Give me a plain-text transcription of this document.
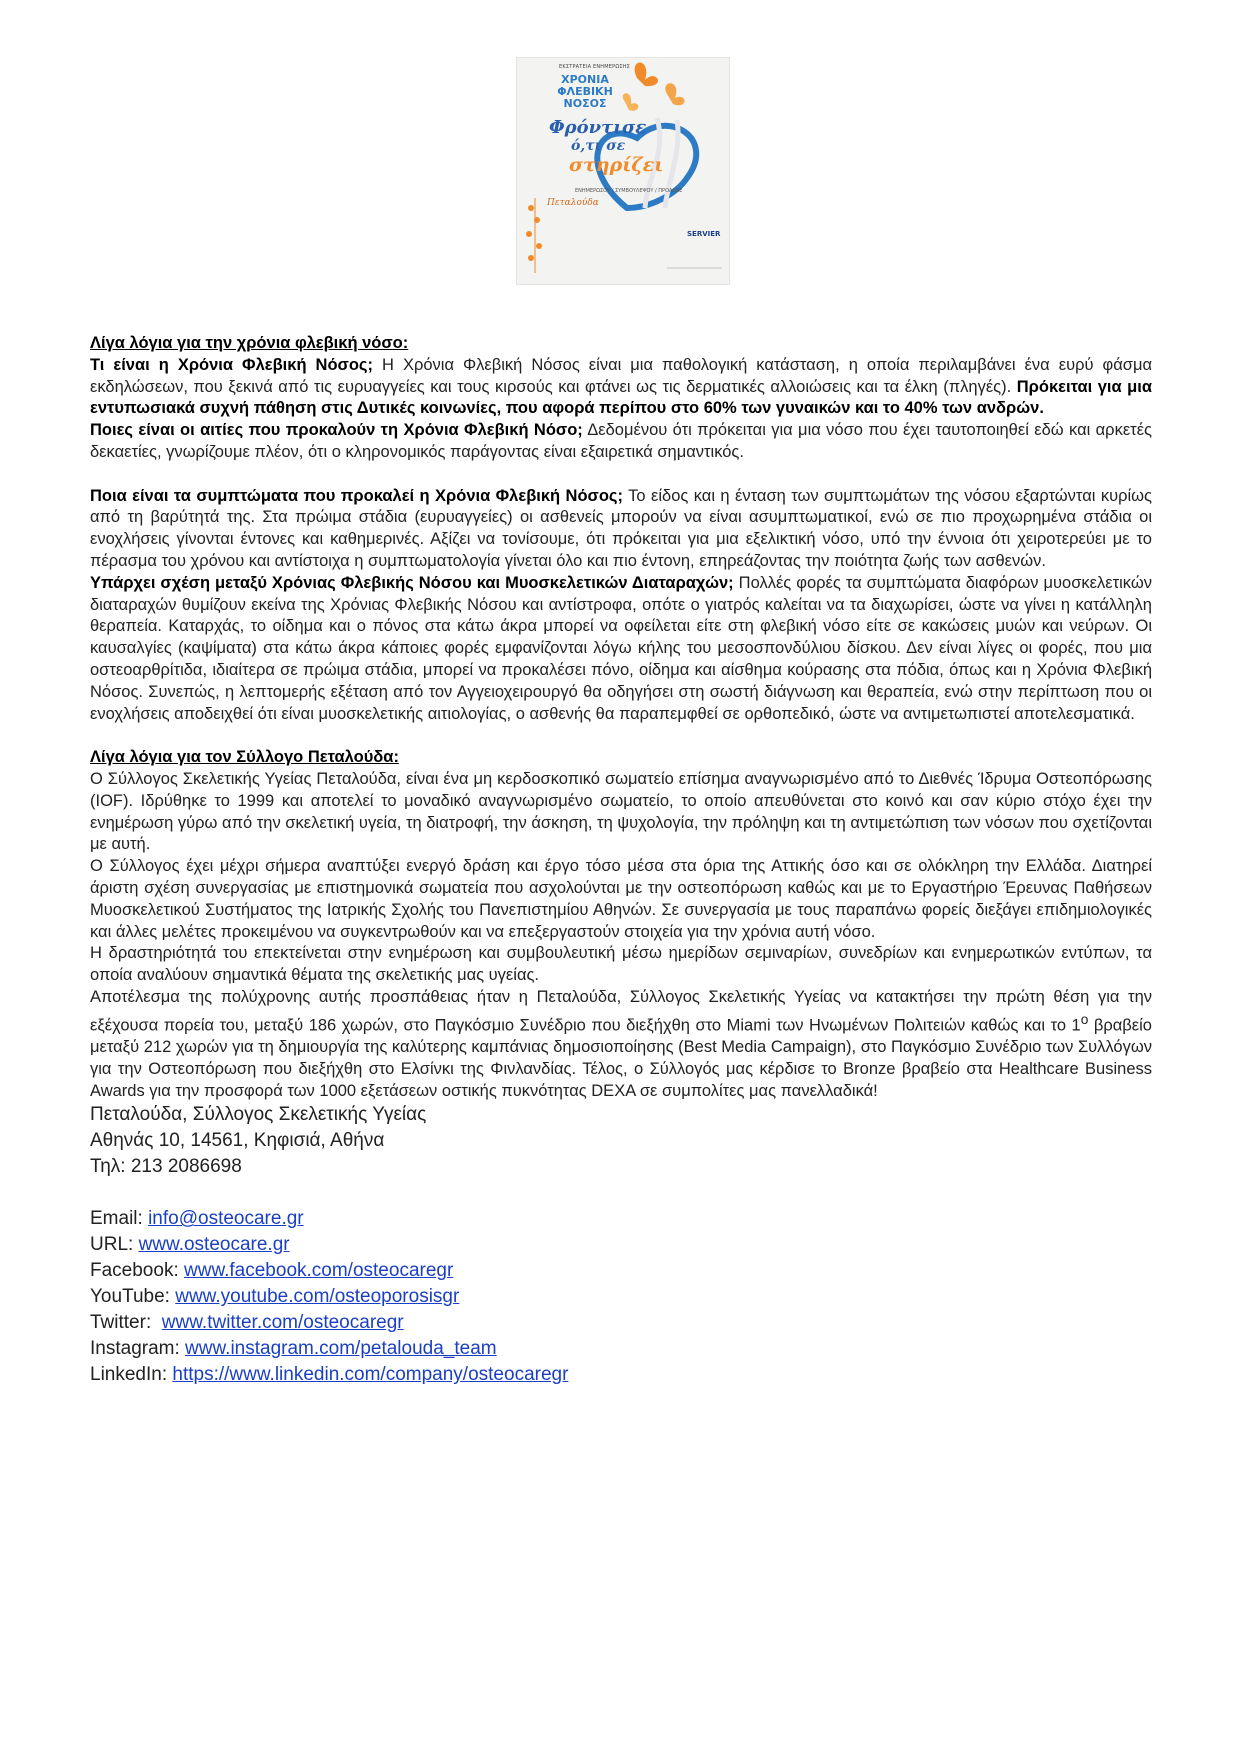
ΕΚΣΤΡΑΤΕΙΑ ΕΝΗΜΕΡΩΣΗΣ
ΧΡΟΝΙΑ ΦΛΕΒΙΚΗ ΝΟΣΟΣ
Φρόντισε
ό,τι σε
στηρίζει
ΕΝΗΜΕΡΩΣΟΥ / ΣΥΜΒΟΥΛΕΨΟΥ / ΠΡΟΛΑΒΕ
Πεταλούδα
SERVIER

Λίγα λόγια για την χρόνια φλεβική νόσο:

Τι είναι η Χρόνια Φλεβική Νόσος; Η Χρόνια Φλεβική Νόσος είναι μια παθολογική κατάσταση, η οποία περιλαμβάνει ένα ευρύ φάσμα εκδηλώσεων, που ξεκινά από τις ευρυαγγείες και τους κιρσούς και φτάνει ως τις δερματικές αλλοιώσεις και τα έλκη (πληγές). Πρόκειται για μια εντυπωσιακά συχνή πάθηση στις Δυτικές κοινωνίες, που αφορά περίπου στο 60% των γυναικών και το 40% των ανδρών.

Ποιες είναι οι αιτίες που προκαλούν τη Χρόνια Φλεβική Νόσο; Δεδομένου ότι πρόκειται για μια νόσο που έχει ταυτοποιηθεί εδώ και αρκετές δεκαετίες, γνωρίζουμε πλέον, ότι ο κληρονομικός παράγοντας είναι εξαιρετικά σημαντικός.

Ποια είναι τα συμπτώματα που προκαλεί η Χρόνια Φλεβική Νόσος; Το είδος και η ένταση των συμπτωμάτων της νόσου εξαρτώνται κυρίως από τη βαρύτητά της. Στα πρώιμα στάδια (ευρυαγγείες) οι ασθενείς μπορούν να είναι ασυμπτωματικοί, ενώ σε πιο προχωρημένα στάδια οι ενοχλήσεις γίνονται έντονες και καθημερινές. Αξίζει να τονίσουμε, ότι πρόκειται για μια εξελικτική νόσο, υπό την έννοια ότι χειροτερεύει με το πέρασμα του χρόνου και αντίστοιχα η συμπτωματολογία γίνεται όλο και πιο έντονη, επηρεάζοντας την ποιότητα ζωής των ασθενών.

Υπάρχει σχέση μεταξύ Χρόνιας Φλεβικής Νόσου και Μυοσκελετικών Διαταραχών; Πολλές φορές τα συμπτώματα διαφόρων μυοσκελετικών διαταραχών θυμίζουν εκείνα της Χρόνιας Φλεβικής Νόσου και αντίστροφα, οπότε ο γιατρός καλείται να τα διαχωρίσει, ώστε να γίνει η κατάλληλη θεραπεία. Καταρχάς, το οίδημα και ο πόνος στα κάτω άκρα μπορεί να οφείλεται είτε στη φλεβική νόσο είτε σε κακώσεις μυών και νεύρων. Οι καυσαλγίες (καψίματα) στα κάτω άκρα κάποιες φορές εμφανίζονται λόγω κήλης του μεσοσπονδύλιου δίσκου. Δεν είναι λίγες οι φορές, που μια οστεοαρθρίτιδα, ιδιαίτερα σε πρώιμα στάδια, μπορεί να προκαλέσει πόνο, οίδημα και αίσθημα κούρασης στα πόδια, όπως και η Χρόνια Φλεβική Νόσος. Συνεπώς, η λεπτομερής εξέταση από τον Αγγειοχειρουργό θα οδηγήσει στη σωστή διάγνωση και θεραπεία, ενώ στην περίπτωση που οι ενοχλήσεις αποδειχθεί ότι είναι μυοσκελετικής αιτιολογίας, ο ασθενής θα παραπεμφθεί σε ορθοπεδικό, ώστε να αντιμετωπιστεί αποτελεσματικά.

Λίγα λόγια για τον Σύλλογο Πεταλούδα:

Ο Σύλλογος Σκελετικής Υγείας Πεταλούδα, είναι ένα μη κερδοσκοπικό σωματείο επίσημα αναγνωρισμένο από το Διεθνές Ίδρυμα Οστεοπόρωσης (IOF). Ιδρύθηκε το 1999 και αποτελεί το μοναδικό αναγνωρισμένο σωματείο, το οποίο απευθύνεται στο κοινό και σαν κύριο στόχο έχει την ενημέρωση γύρω από την σκελετική υγεία, τη διατροφή, την άσκηση, τη ψυχολογία, την πρόληψη και τη αντιμετώπιση των νόσων που σχετίζονται με αυτή.

Ο Σύλλογος έχει μέχρι σήμερα αναπτύξει ενεργό δράση και έργο τόσο μέσα στα όρια της Αττικής όσο και σε ολόκληρη την Ελλάδα. Διατηρεί άριστη σχέση συνεργασίας με επιστημονικά σωματεία που ασχολούνται με την οστεοπόρωση καθώς και με το Εργαστήριο Έρευνας Παθήσεων Μυοσκελετικού Συστήματος της Ιατρικής Σχολής του Πανεπιστημίου Αθηνών. Σε συνεργασία με τους παραπάνω φορείς διεξάγει επιδημιολογικές και άλλες μελέτες προκειμένου να συγκεντρωθούν και να επεξεργαστούν στοιχεία για την χρόνια αυτή νόσο.

Η δραστηριότητά του επεκτείνεται στην ενημέρωση και συμβουλευτική μέσω ημερίδων σεμιναρίων, συνεδρίων και ενημερωτικών εντύπων, τα οποία αναλύουν σημαντικά θέματα της σκελετικής μας υγείας.

Αποτέλεσμα της πολύχρονης αυτής προσπάθειας ήταν η Πεταλούδα, Σύλλογος Σκελετικής Υγείας να κατακτήσει την πρώτη θέση για την εξέχουσα πορεία του, μεταξύ 186 χωρών, στο Παγκόσμιο Συνέδριο που διεξήχθη στο Miami των Ηνωμένων Πολιτειών καθώς και το $1^o$ βραβείο μεταξύ 212 χωρών για τη δημιουργία της καλύτερης καμπάνιας δημοσιοποίησης (Best Media Campaign), στο Παγκόσμιο Συνέδριο των Συλλόγων για την Οστεοπόρωση που διεξήχθη στο Ελσίνκι της Φινλανδίας. Τέλος, ο Σύλλογός μας κέρδισε το Bronze βραβείο στα Healthcare Business Awards για την προσφορά των 1000 εξετάσεων οστικής πυκνότητας DEXA σε συμπολίτες μας πανελλαδικά!

Πεταλούδα, Σύλλογος Σκελετικής Υγείας
Αθηνάς 10, 14561, Κηφισιά, Αθήνα
Τηλ: 213 2086698
Email: info@osteocare.gr
URL: www.osteocare.gr
Facebook: www.facebook.com/osteocaregr
YouTube: www.youtube.com/osteoporosisgr
Twitter:  www.twitter.com/osteocaregr
Instagram: www.instagram.com/petalouda_team
LinkedIn: https://www.linkedin.com/company/osteocaregr
